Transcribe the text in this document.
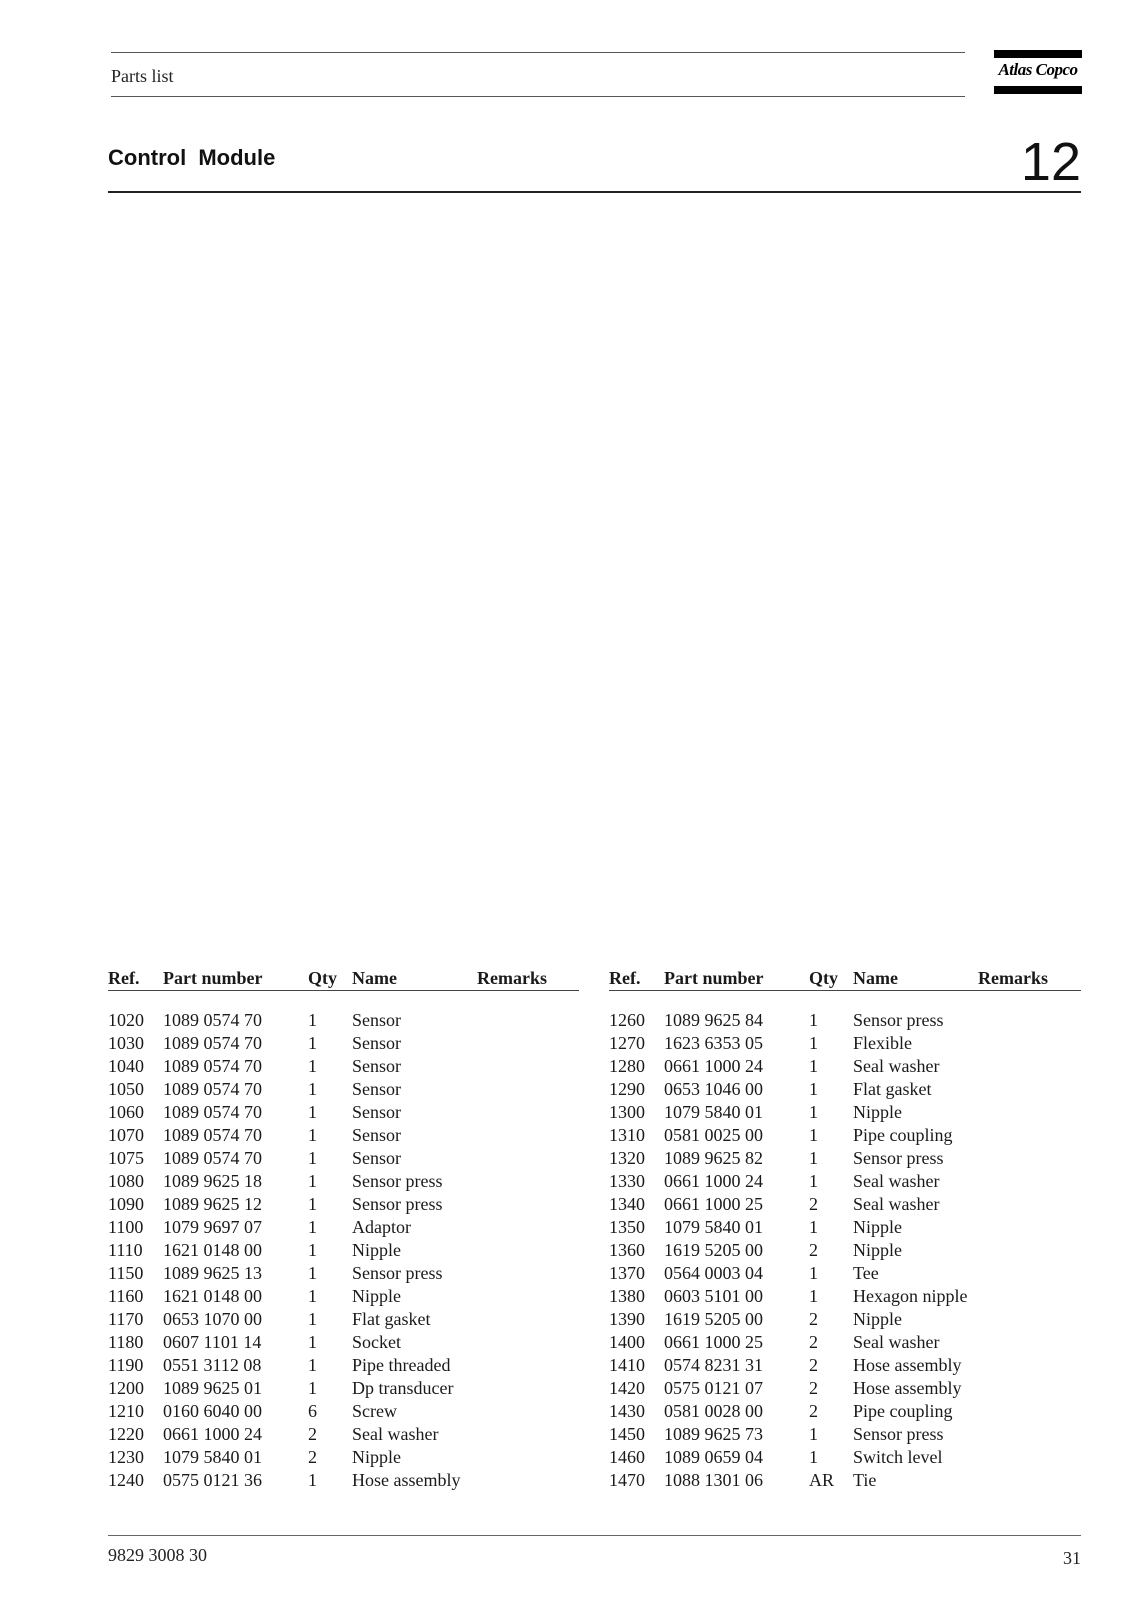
Parts list	Atlas Copco
Control Module	12
Ref. Part number	Qty Name	Remarks
1020 1089 0574 70	1 Sensor
1030 1089 0574 70	1 Sensor
1040 1089 0574 70	1 Sensor
1050 1089 0574 70	1 Sensor
1060 1089 0574 70	1 Sensor
1070 1089 0574 70	1 Sensor
1075 1089 0574 70	1 Sensor
1080 1089 9625 18	1 Sensor press
1090 1089 9625 12	1 Sensor press
1100 1079 9697 07	1 Adaptor
1110 1621 0148 00	1 Nipple
1150 1089 9625 13	1 Sensor press
1160 1621 0148 00	1 Nipple
1170 0653 1070 00	1 Flat gasket
1180 0607 1101 14	1 Socket
1190 0551 3112 08	1 Pipe threaded
1200 1089 9625 01	1 Dp transducer
1210 0160 6040 00	6 Screw
1220 0661 1000 24	2 Seal washer
1230 1079 5840 01	2 Nipple
1240 0575 0121 36	1 Hose assembly
Ref. Part number	Qty Name	Remarks
1260 1089 9625 84	1 Sensor press
1270 1623 6353 05	1 Flexible
1280 0661 1000 24	1 Seal washer
1290 0653 1046 00	1 Flat gasket
1300 1079 5840 01	1 Nipple
1310 0581 0025 00	1 Pipe coupling
1320 1089 9625 82	1 Sensor press
1330 0661 1000 24	1 Seal washer
1340 0661 1000 25	2 Seal washer
1350 1079 5840 01	1 Nipple
1360 1619 5205 00	2 Nipple
1370 0564 0003 04	1 Tee
1380 0603 5101 00	1 Hexagon nipple
1390 1619 5205 00	2 Nipple
1400 0661 1000 25	2 Seal washer
1410 0574 8231 31	2 Hose assembly
1420 0575 0121 07	2 Hose assembly
1430 0581 0028 00	2 Pipe coupling
1450 1089 9625 73	1 Sensor press
1460 1089 0659 04	1 Switch level
1470 1088 1301 06	AR Tie
9829 3008 30	31
